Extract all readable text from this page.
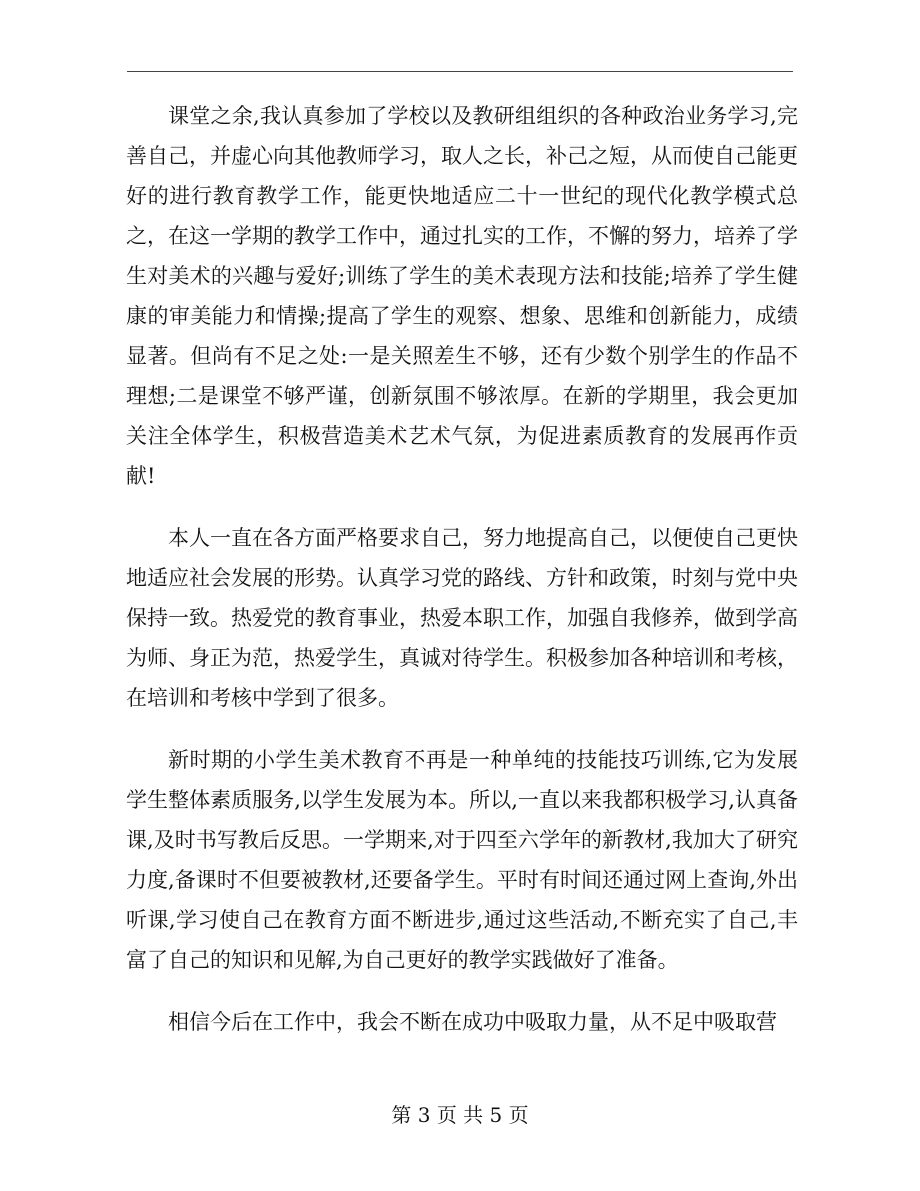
课堂之余,我认真参加了学校以及教研组组织的各种政治业务学习,完善自己，并虚心向其他教师学习，取人之长，补己之短，从而使自己能更好的进行教育教学工作，能更快地适应二十一世纪的现代化教学模式总之，在这一学期的教学工作中，通过扎实的工作，不懈的努力，培养了学生对美术的兴趣与爱好;训练了学生的美术表现方法和技能;培养了学生健康的审美能力和情操;提高了学生的观察、想象、思维和创新能力，成绩显著。但尚有不足之处:一是关照差生不够，还有少数个别学生的作品不理想;二是课堂不够严谨，创新氛围不够浓厚。在新的学期里，我会更加关注全体学生，积极营造美术艺术气氛，为促进素质教育的发展再作贡献!

本人一直在各方面严格要求自己，努力地提高自己，以便使自己更快地适应社会发展的形势。认真学习党的路线、方针和政策，时刻与党中央保持一致。热爱党的教育事业，热爱本职工作，加强自我修养，做到学高为师、身正为范，热爱学生，真诚对待学生。积极参加各种培训和考核，在培训和考核中学到了很多。

新时期的小学生美术教育不再是一种单纯的技能技巧训练,它为发展学生整体素质服务,以学生发展为本。所以,一直以来我都积极学习,认真备课,及时书写教后反思。一学期来,对于四至六学年的新教材,我加大了研究力度,备课时不但要被教材,还要备学生。平时有时间还通过网上查询,外出听课,学习使自己在教育方面不断进步,通过这些活动,不断充实了自己,丰富了自己的知识和见解,为自己更好的教学实践做好了准备。

相信今后在工作中，我会不断在成功中吸取力量，从不足中吸取营

第 3 页 共 5 页
